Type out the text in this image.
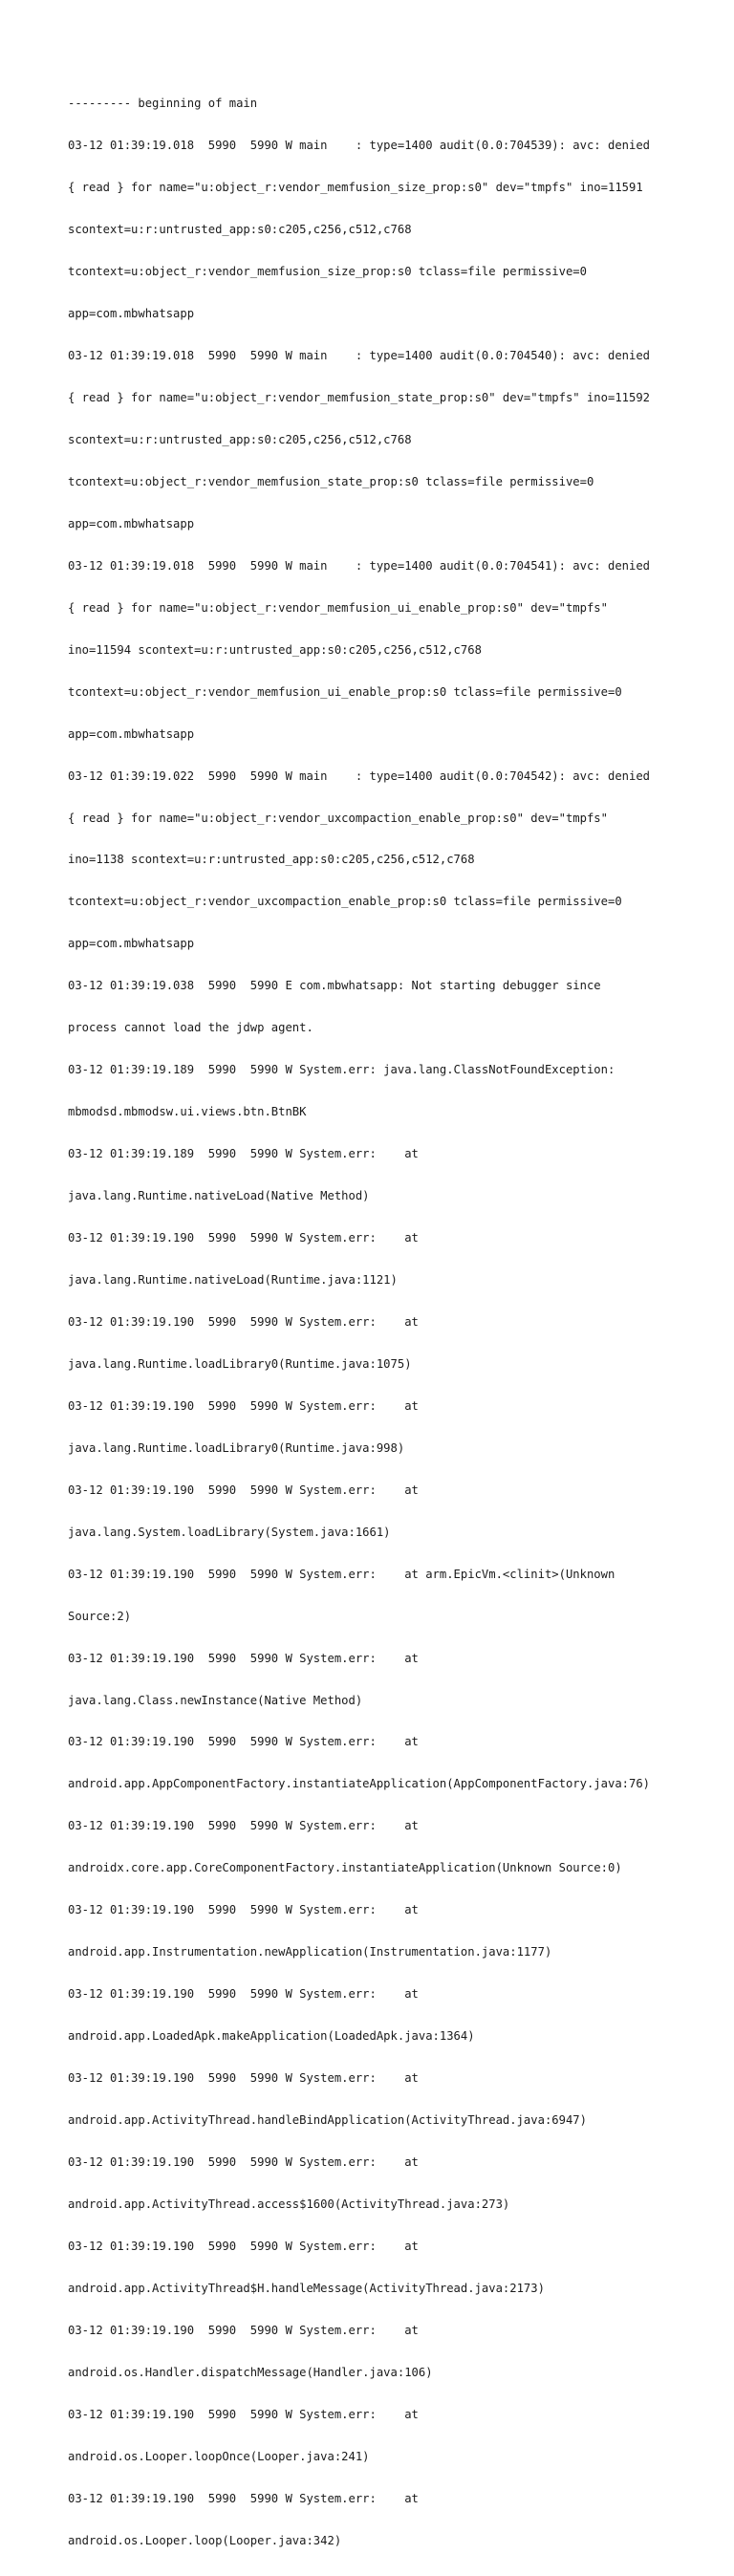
--------- beginning of main

03-12 01:39:19.018  5990  5990 W main    : type=1400 audit(0.0:704539): avc: denied

{ read } for name="u:object_r:vendor_memfusion_size_prop:s0" dev="tmpfs" ino=11591

scontext=u:r:untrusted_app:s0:c205,c256,c512,c768

tcontext=u:object_r:vendor_memfusion_size_prop:s0 tclass=file permissive=0

app=com.mbwhatsapp

03-12 01:39:19.018  5990  5990 W main    : type=1400 audit(0.0:704540): avc: denied

{ read } for name="u:object_r:vendor_memfusion_state_prop:s0" dev="tmpfs" ino=11592

scontext=u:r:untrusted_app:s0:c205,c256,c512,c768

tcontext=u:object_r:vendor_memfusion_state_prop:s0 tclass=file permissive=0

app=com.mbwhatsapp

03-12 01:39:19.018  5990  5990 W main    : type=1400 audit(0.0:704541): avc: denied

{ read } for name="u:object_r:vendor_memfusion_ui_enable_prop:s0" dev="tmpfs"

ino=11594 scontext=u:r:untrusted_app:s0:c205,c256,c512,c768

tcontext=u:object_r:vendor_memfusion_ui_enable_prop:s0 tclass=file permissive=0

app=com.mbwhatsapp

03-12 01:39:19.022  5990  5990 W main    : type=1400 audit(0.0:704542): avc: denied

{ read } for name="u:object_r:vendor_uxcompaction_enable_prop:s0" dev="tmpfs"

ino=1138 scontext=u:r:untrusted_app:s0:c205,c256,c512,c768

tcontext=u:object_r:vendor_uxcompaction_enable_prop:s0 tclass=file permissive=0

app=com.mbwhatsapp

03-12 01:39:19.038  5990  5990 E com.mbwhatsapp: Not starting debugger since

process cannot load the jdwp agent.

03-12 01:39:19.189  5990  5990 W System.err: java.lang.ClassNotFoundException:

mbmodsd.mbmodsw.ui.views.btn.BtnBK

03-12 01:39:19.189  5990  5990 W System.err:    at

java.lang.Runtime.nativeLoad(Native Method)

03-12 01:39:19.190  5990  5990 W System.err:    at

java.lang.Runtime.nativeLoad(Runtime.java:1121)

03-12 01:39:19.190  5990  5990 W System.err:    at

java.lang.Runtime.loadLibrary0(Runtime.java:1075)

03-12 01:39:19.190  5990  5990 W System.err:    at

java.lang.Runtime.loadLibrary0(Runtime.java:998)

03-12 01:39:19.190  5990  5990 W System.err:    at

java.lang.System.loadLibrary(System.java:1661)

03-12 01:39:19.190  5990  5990 W System.err:    at arm.EpicVm.<clinit>(Unknown

Source:2)

03-12 01:39:19.190  5990  5990 W System.err:    at

java.lang.Class.newInstance(Native Method)

03-12 01:39:19.190  5990  5990 W System.err:    at

android.app.AppComponentFactory.instantiateApplication(AppComponentFactory.java:76)

03-12 01:39:19.190  5990  5990 W System.err:    at

androidx.core.app.CoreComponentFactory.instantiateApplication(Unknown Source:0)

03-12 01:39:19.190  5990  5990 W System.err:    at

android.app.Instrumentation.newApplication(Instrumentation.java:1177)

03-12 01:39:19.190  5990  5990 W System.err:    at

android.app.LoadedApk.makeApplication(LoadedApk.java:1364)

03-12 01:39:19.190  5990  5990 W System.err:    at

android.app.ActivityThread.handleBindApplication(ActivityThread.java:6947)

03-12 01:39:19.190  5990  5990 W System.err:    at

android.app.ActivityThread.access$1600(ActivityThread.java:273)

03-12 01:39:19.190  5990  5990 W System.err:    at

android.app.ActivityThread$H.handleMessage(ActivityThread.java:2173)

03-12 01:39:19.190  5990  5990 W System.err:    at

android.os.Handler.dispatchMessage(Handler.java:106)

03-12 01:39:19.190  5990  5990 W System.err:    at

android.os.Looper.loopOnce(Looper.java:241)

03-12 01:39:19.190  5990  5990 W System.err:    at

android.os.Looper.loop(Looper.java:342)
